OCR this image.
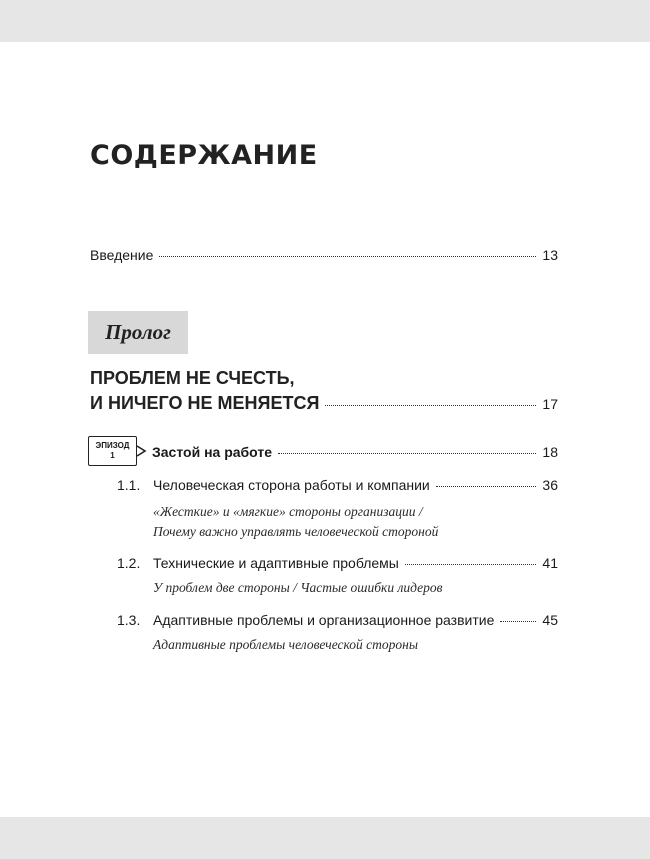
СОДЕРЖАНИЕ
Введение	13
Пролог
ПРОБЛЕМ НЕ СЧЕСТЬ,
И НИЧЕГО НЕ МЕНЯЕТСЯ	17
ЭПИЗОД
1	Застой на работе	18
1.1. Человеческая сторона работы и компании	36
«Жесткие» и «мягкие» стороны организации /
Почему важно управлять человеческой стороной
1.2. Технические и адаптивные проблемы	41
У проблем две стороны / Частые ошибки лидеров
1.3. Адаптивные проблемы и организационное развитие	45
Адаптивные проблемы человеческой стороны
